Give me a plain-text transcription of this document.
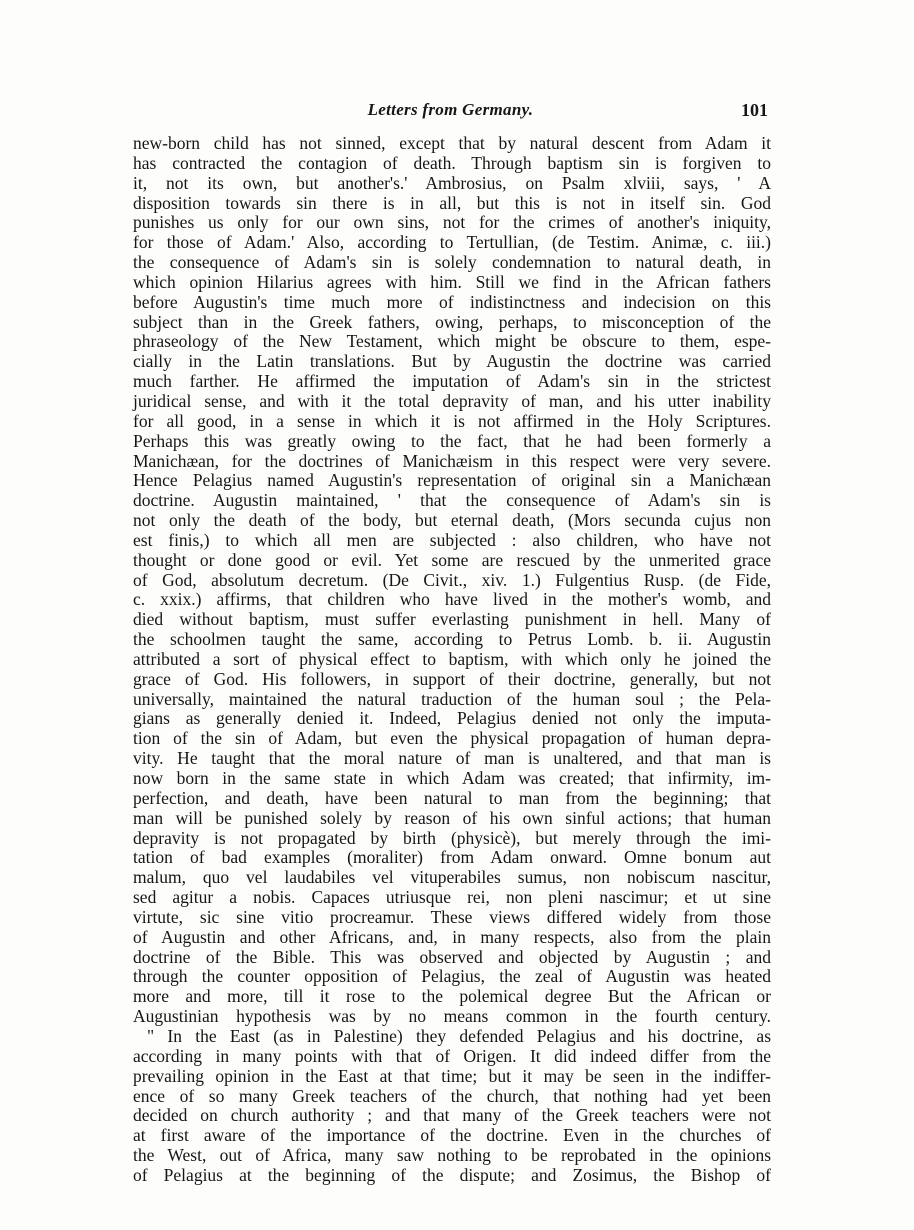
Letters from Germany.	101

new-born child has not sinned, except that by natural descent from Adam it
has contracted the contagion of death. Through baptism sin is forgiven to
it, not its own, but another's.' Ambrosius, on Psalm xlviii, says, ' A
disposition towards sin there is in all, but this is not in itself sin. God
punishes us only for our own sins, not for the crimes of another's iniquity,
for those of Adam.' Also, according to Tertullian, (de Testim. Animæ, c. iii.)
the consequence of Adam's sin is solely condemnation to natural death, in
which opinion Hilarius agrees with him. Still we find in the African fathers
before Augustin's time much more of indistinctness and indecision on this
subject than in the Greek fathers, owing, perhaps, to misconception of the
phraseology of the New Testament, which might be obscure to them, espe-
cially in the Latin translations. But by Augustin the doctrine was carried
much farther. He affirmed the imputation of Adam's sin in the strictest
juridical sense, and with it the total depravity of man, and his utter inability
for all good, in a sense in which it is not affirmed in the Holy Scriptures.
Perhaps this was greatly owing to the fact, that he had been formerly a
Manichæan, for the doctrines of Manichæism in this respect were very severe.
Hence Pelagius named Augustin's representation of original sin a Manichæan
doctrine. Augustin maintained, ' that the consequence of Adam's sin is
not only the death of the body, but eternal death, (Mors secunda cujus non
est finis,) to which all men are subjected : also children, who have not
thought or done good or evil. Yet some are rescued by the unmerited grace
of God, absolutum decretum. (De Civit., xiv. 1.) Fulgentius Rusp. (de Fide,
c. xxix.) affirms, that children who have lived in the mother's womb, and
died without baptism, must suffer everlasting punishment in hell. Many of
the schoolmen taught the same, according to Petrus Lomb. b. ii. Augustin
attributed a sort of physical effect to baptism, with which only he joined the
grace of God. His followers, in support of their doctrine, generally, but not
universally, maintained the natural traduction of the human soul ; the Pela-
gians as generally denied it. Indeed, Pelagius denied not only the imputa-
tion of the sin of Adam, but even the physical propagation of human depra-
vity. He taught that the moral nature of man is unaltered, and that man is
now born in the same state in which Adam was created; that infirmity, im-
perfection, and death, have been natural to man from the beginning; that
man will be punished solely by reason of his own sinful actions; that human
depravity is not propagated by birth (physicè), but merely through the imi-
tation of bad examples (moraliter) from Adam onward. Omne bonum aut
malum, quo vel laudabiles vel vituperabiles sumus, non nobiscum nascitur,
sed agitur a nobis. Capaces utriusque rei, non pleni nascimur; et ut sine
virtute, sic sine vitio procreamur. These views differed widely from those
of Augustin and other Africans, and, in many respects, also from the plain
doctrine of the Bible. This was observed and objected by Augustin ; and
through the counter opposition of Pelagius, the zeal of Augustin was heated
more and more, till it rose to the polemical degree But the African or
Augustinian hypothesis was by no means common in the fourth century.

" In the East (as in Palestine) they defended Pelagius and his doctrine, as
according in many points with that of Origen. It did indeed differ from the
prevailing opinion in the East at that time; but it may be seen in the indiffer-
ence of so many Greek teachers of the church, that nothing had yet been
decided on church authority ; and that many of the Greek teachers were not
at first aware of the importance of the doctrine. Even in the churches of
the West, out of Africa, many saw nothing to be reprobated in the opinions
of Pelagius at the beginning of the dispute; and Zosimus, the Bishop of
